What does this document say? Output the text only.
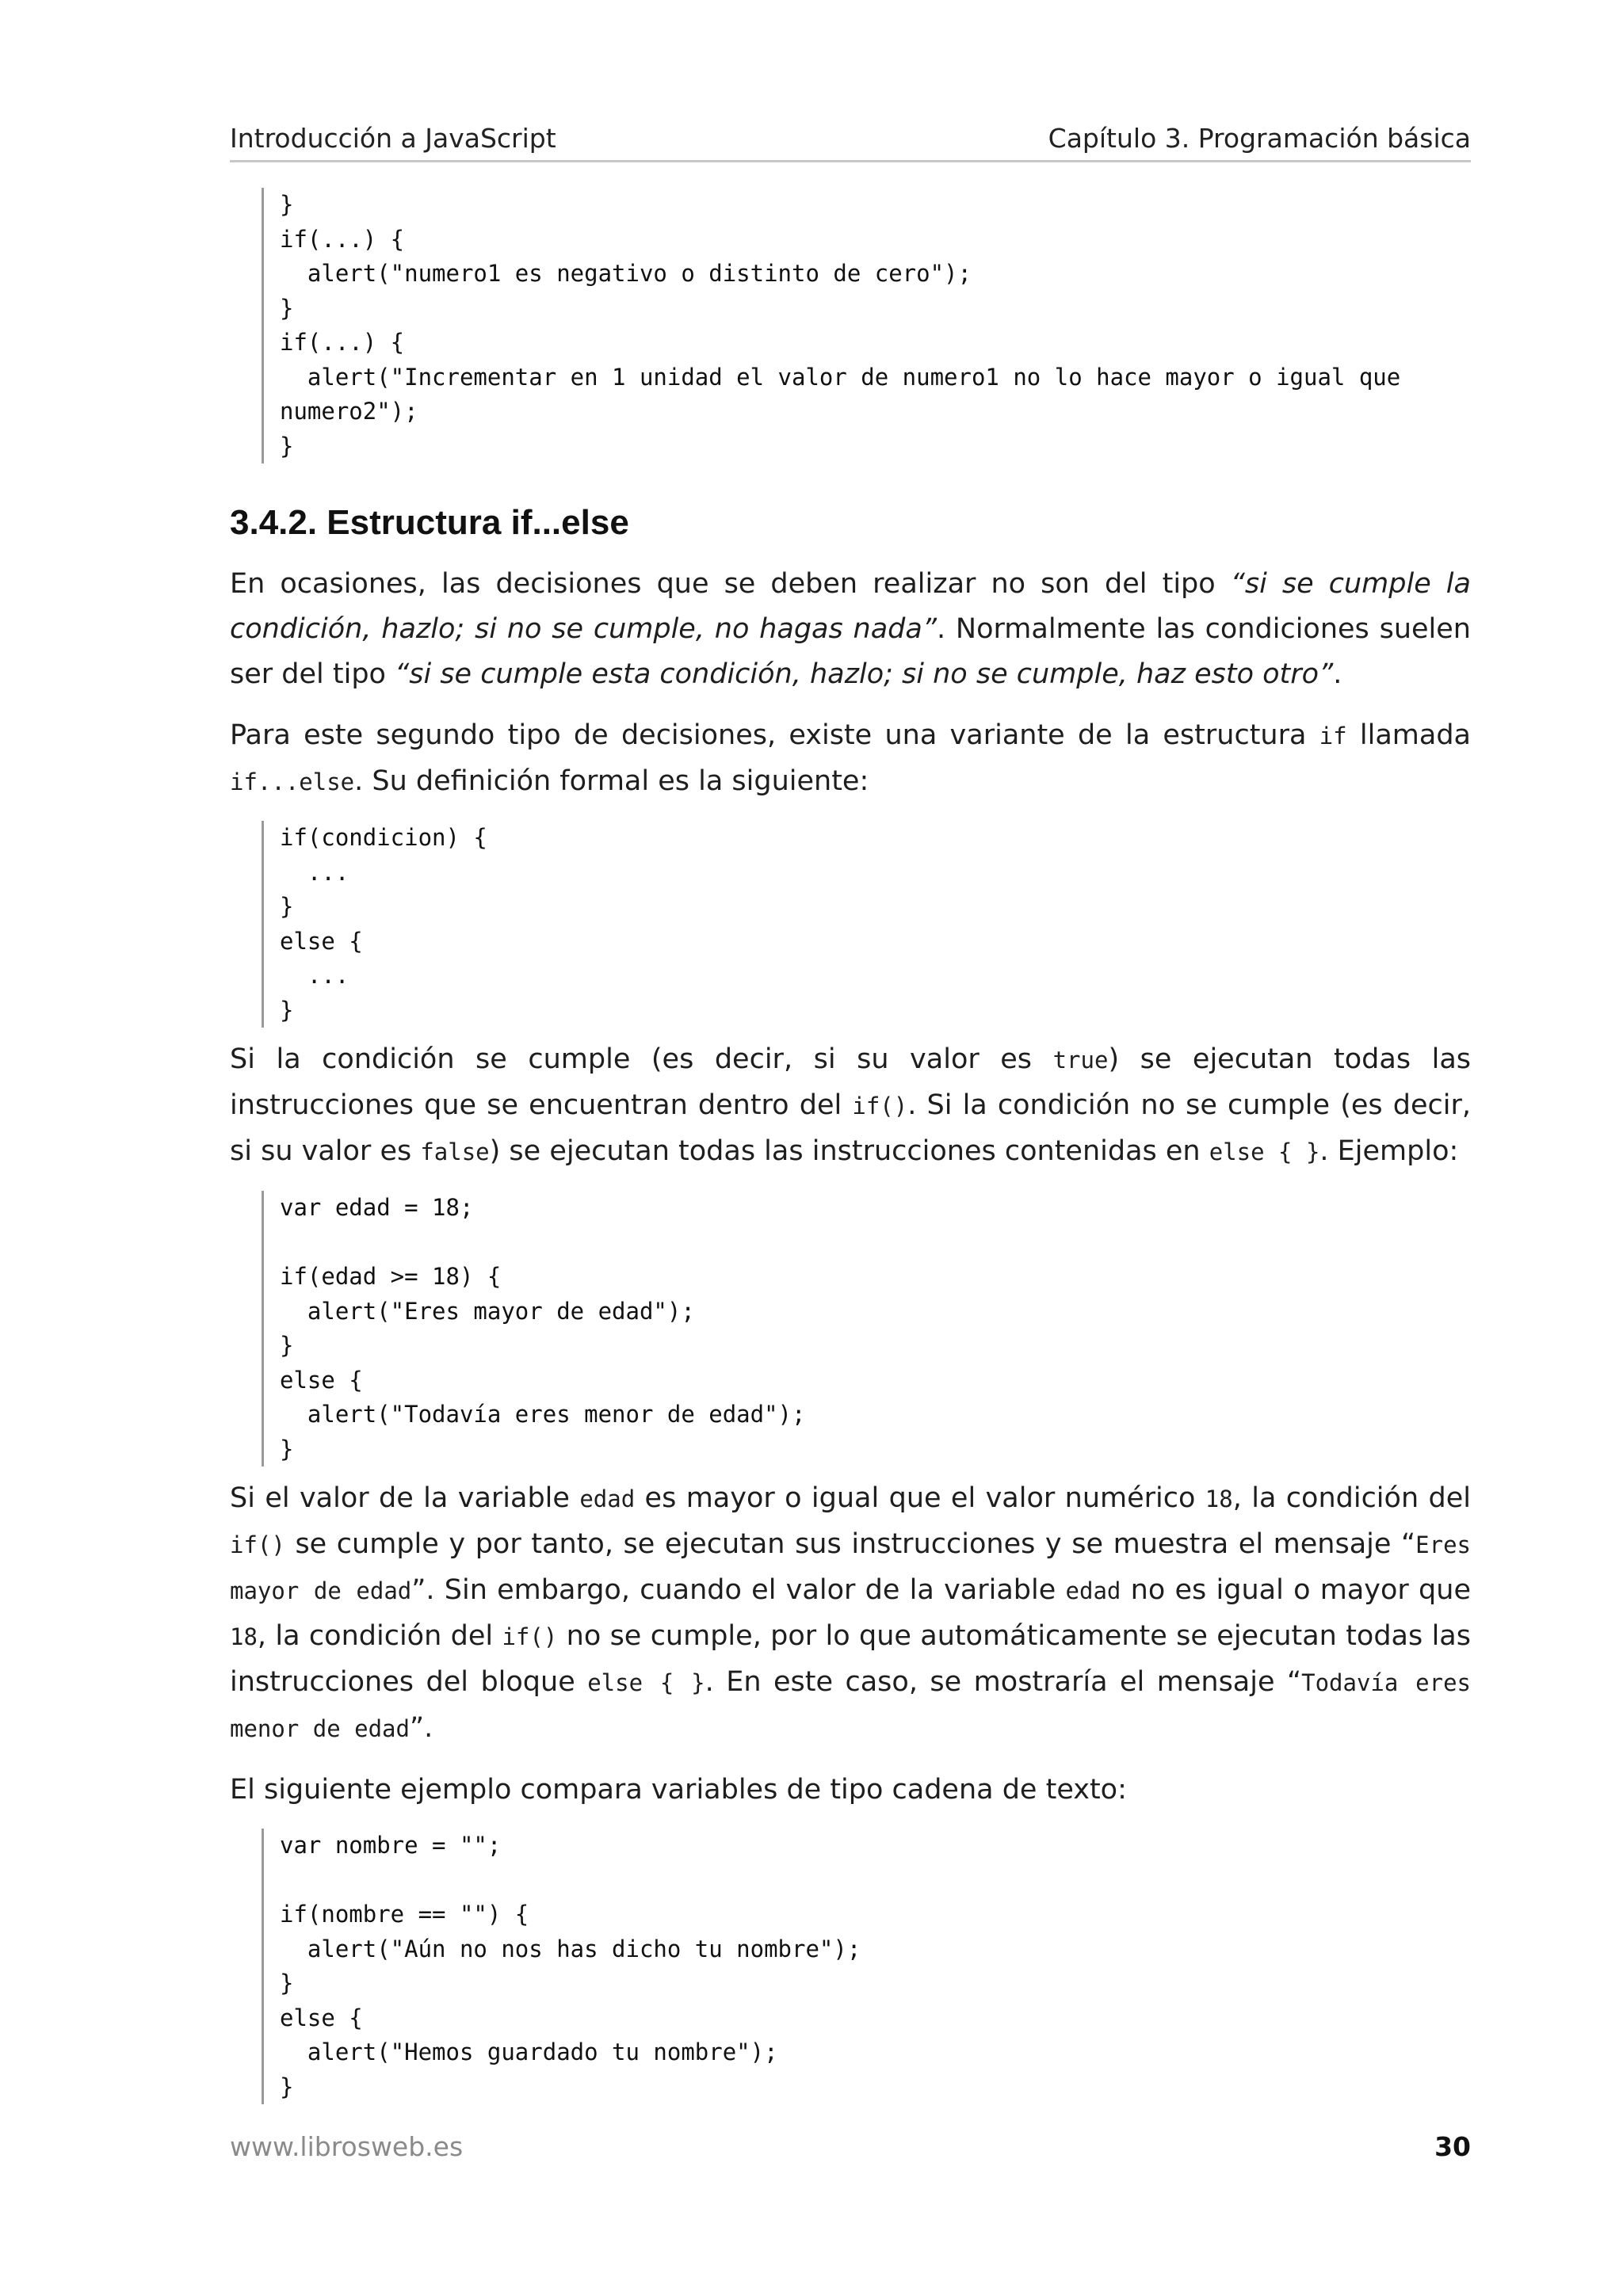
Introducción a JavaScript	Capítulo 3. Programación básica
}
if(...) {
alert("numero1 es negativo o distinto de cero");
}
if(...) {
alert("Incrementar en 1 unidad el valor de numero1 no lo hace mayor o igual que
numero2");
}
3.4.2. Estructura if...else

En ocasiones, las decisiones que se deben realizar no son del tipo “si se cumple la condición, hazlo; si no se cumple, no hagas nada”. Normalmente las condiciones suelen ser del tipo “si se cumple esta condición, hazlo; si no se cumple, haz esto otro”.

Para este segundo tipo de decisiones, existe una variante de la estructura if llamada if...else. Su definición formal es la siguiente:

if(condicion) {
...
}
else {
...
}

Si la condición se cumple (es decir, si su valor es true) se ejecutan todas las instrucciones que se encuentran dentro del if(). Si la condición no se cumple (es decir, si su valor es false) se ejecutan todas las instrucciones contenidas en else { }. Ejemplo:

var edad = 18;

if(edad >= 18) {
alert("Eres mayor de edad");
}
else {
alert("Todavía eres menor de edad");
}

Si el valor de la variable edad es mayor o igual que el valor numérico 18, la condición del if() se cumple y por tanto, se ejecutan sus instrucciones y se muestra el mensaje “Eres mayor de edad”. Sin embargo, cuando el valor de la variable edad no es igual o mayor que 18, la condición del if() no se cumple, por lo que automáticamente se ejecutan todas las instrucciones del bloque else { }. En este caso, se mostraría el mensaje “Todavía eres menor de edad”.

El siguiente ejemplo compara variables de tipo cadena de texto:

var nombre = "";

if(nombre == "") {
alert("Aún no nos has dicho tu nombre");
}
else {
alert("Hemos guardado tu nombre");
}
www.librosweb.es	30
